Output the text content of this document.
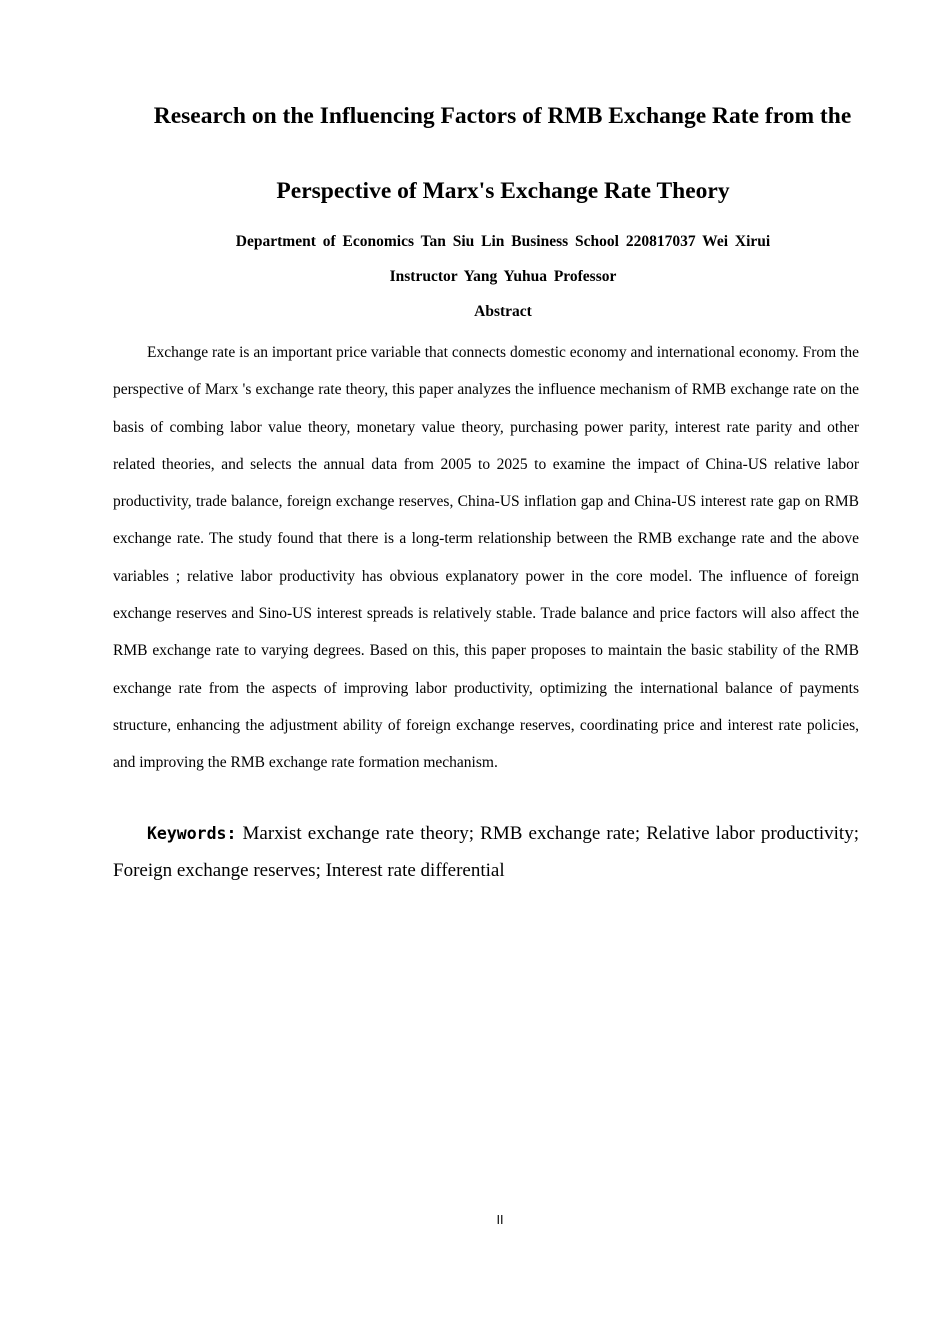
Research on the Influencing Factors of RMB Exchange Rate from the
Perspective of Marx's Exchange Rate Theory
Department of Economics Tan Siu Lin Business School 220817037 Wei Xirui
Instructor Yang Yuhua Professor
Abstract

Exchange rate is an important price variable that connects domestic economy and international economy. From the perspective of Marx 's exchange rate theory, this paper analyzes the influence mechanism of RMB exchange rate on the basis of combing labor value theory, monetary value theory, purchasing power parity, interest rate parity and other related theories, and selects the annual data from 2005 to 2025 to examine the impact of China-US relative labor productivity, trade balance, foreign exchange reserves, China-US inflation gap and China-US interest rate gap on RMB exchange rate. The study found that there is a long-term relationship between the RMB exchange rate and the above variables ; relative labor productivity has obvious explanatory power in the core model. The influence of foreign exchange reserves and Sino-US interest spreads is relatively stable. Trade balance and price factors will also affect the RMB exchange rate to varying degrees. Based on this, this paper proposes to maintain the basic stability of the RMB exchange rate from the aspects of improving labor productivity, optimizing the international balance of payments structure, enhancing the adjustment ability of foreign exchange reserves, coordinating price and interest rate policies, and improving the RMB exchange rate formation mechanism.

Keywords: Marxist exchange rate theory; RMB exchange rate; Relative labor productivity; Foreign exchange reserves; Interest rate differential

II
